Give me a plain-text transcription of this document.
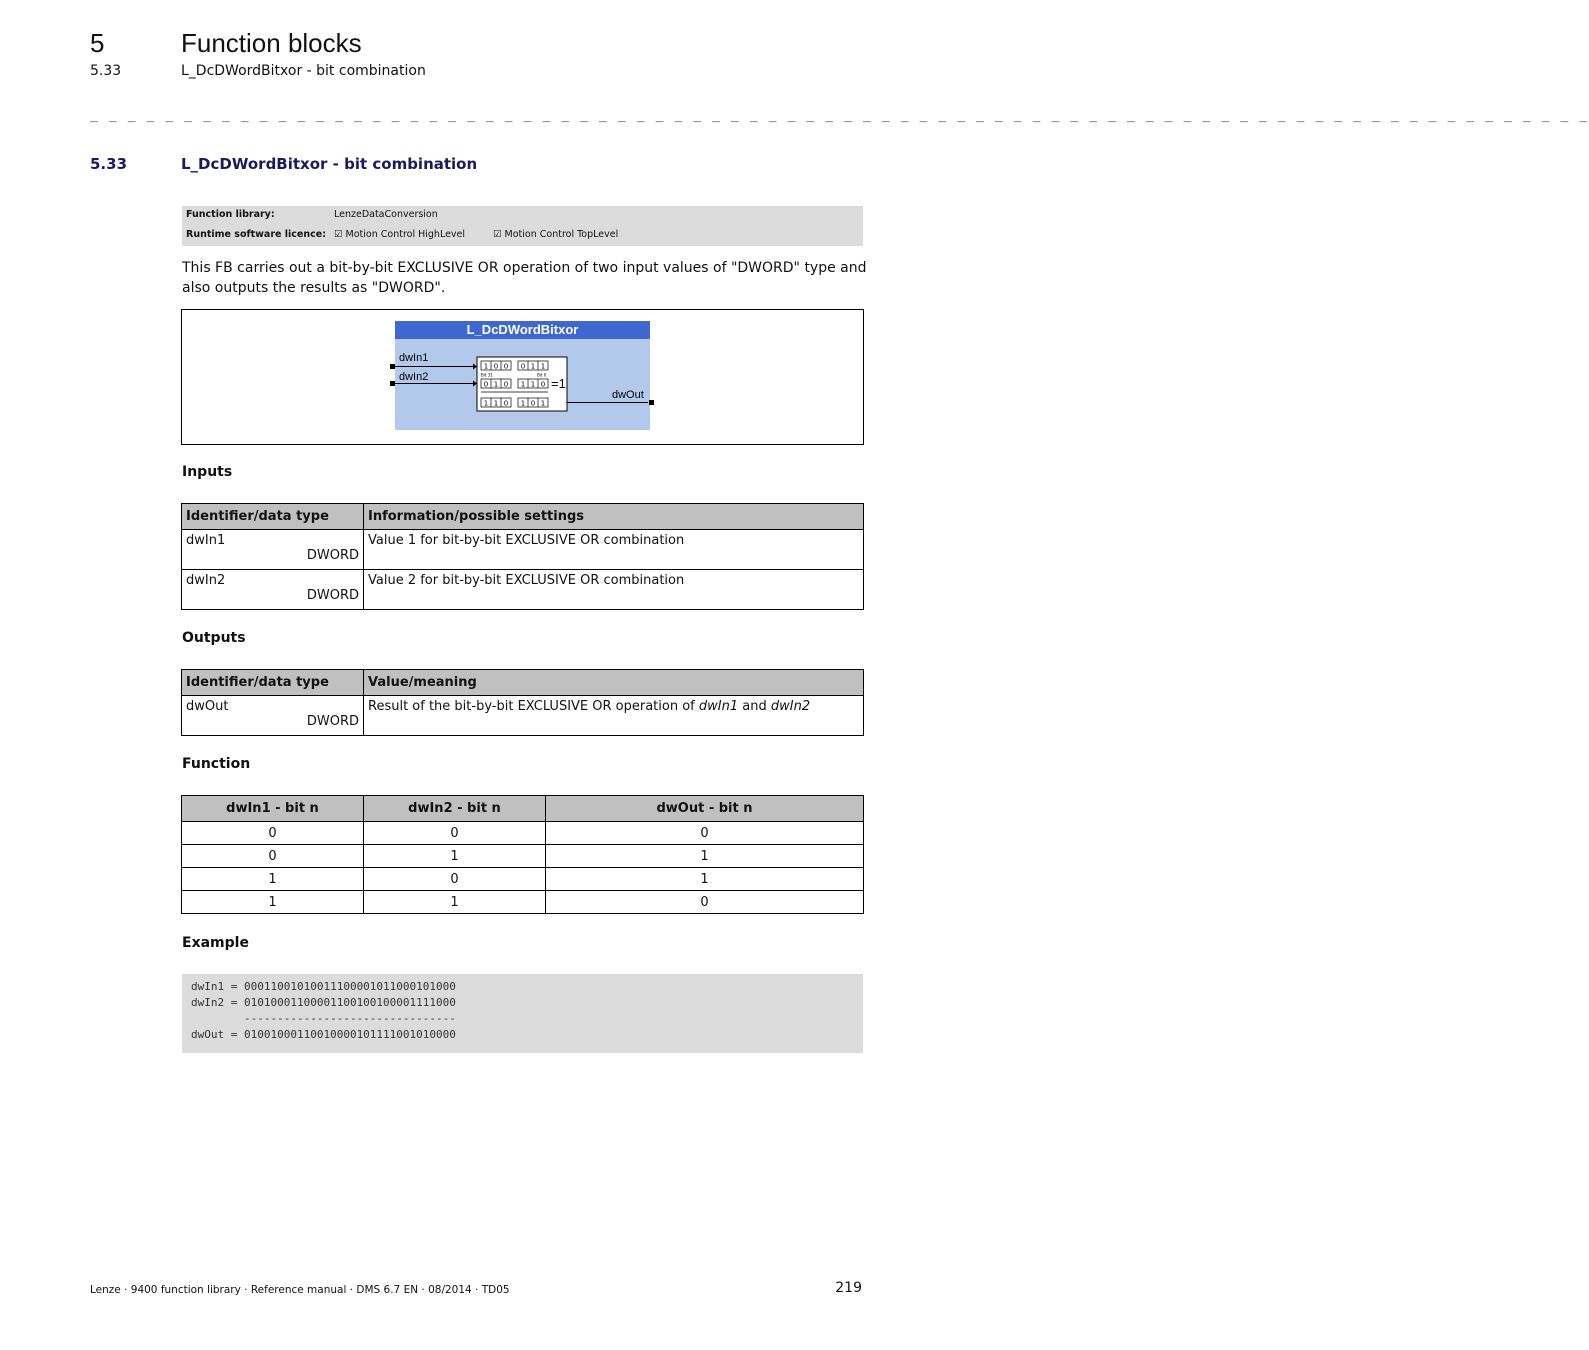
5	Function blocks
5.33	L_DcDWordBitxor - bit combination
_ _ _ _ _ _ _ _ _ _ _ _ _ _ _ _ _ _ _ _ _ _ _ _ _ _ _ _ _ _ _ _ _ _ _ _ _ _ _ _ _ _ _ _ _ _ _ _ _ _ _ _ _ _ _ _ _ _ _ _ _ _ _ _ _ _ _ _ _ _ _ _ _ _ _ _ _ _ _ _
5.33	L_DcDWordBitxor - bit combination
Function library:	LenzeDataConversion
Runtime software licence: ☑ Motion Control HighLevel	☑ Motion Control TopLevel
This FB carries out a bit-by-bit EXCLUSIVE OR operation of two input values of "DWORD" type and also outputs the results as "DWORD".
L_DcDWordBitxor
dwIn1
dwIn2
1 0 0 0 1 1
Bit 31	Bit 0
0 1 0 1 1 0 =1
1 1 0 1 0 1
dwOut
Inputs
Identifier/data type	Information/possible settings

dwIn1
DWORD	Value 1 for bit-by-bit EXCLUSIVE OR combination

dwIn2
DWORD	Value 2 for bit-by-bit EXCLUSIVE OR combination
Outputs
Identifier/data type	Value/meaning

dwOut
DWORD	Result of the bit-by-bit EXCLUSIVE OR operation of dwIn1 and dwIn2
Function
dwIn1 - bit n	dwIn2 - bit n	dwOut - bit n
0	0	0
0	1	1
1	0	1
1	1	0
Example
dwIn1 = 00011001010011100001011000101000
dwIn2 = 01010001100001100100100001111000
--------------------------------
dwOut = 01001000110010000101111001010000
Lenze · 9400 function library · Reference manual · DMS 6.7 EN · 08/2014 · TD05	219
